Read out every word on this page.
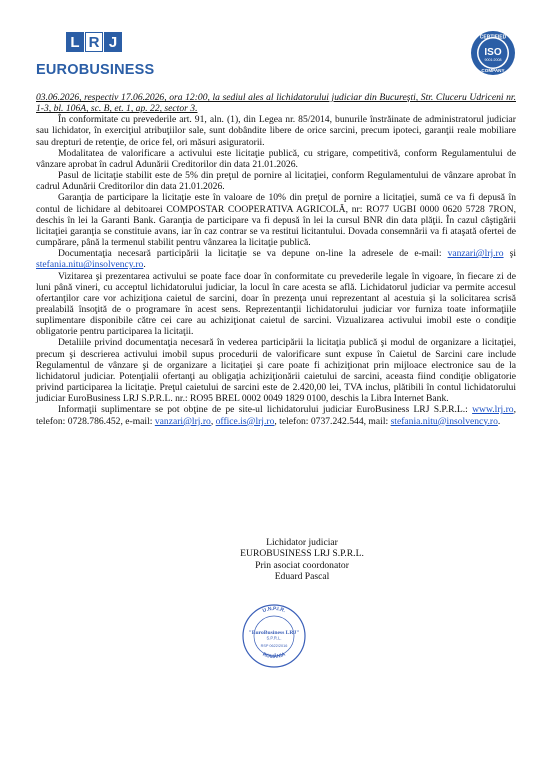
L R J
EUROBUSINESS
CERTIFIED
ISO
9001:2008
COMPANY

03.06.2026, respectiv 17.06.2026, ora 12:00, la sediul ales al lichidatorului judiciar din Bucureşti, Str. Cluceru Udriceni nr. 1-3, bl. 106A, sc. B, et. 1, ap. 22, sector 3.

În conformitate cu prevederile art. 91, aln. (1), din Legea nr. 85/2014, bunurile înstrăinate de administratorul judiciar sau lichidator, în exerciţiul atribuţiilor sale, sunt dobândite libere de orice sarcini, precum ipoteci, garanţii reale mobiliare sau drepturi de retenţie, de orice fel, ori măsuri asiguratorii.

Modalitatea de valorificare a activului este licitaţie publică, cu strigare, competitivă, conform Regulamentului de vânzare aprobat în cadrul Adunării Creditorilor din data 21.01.2026.

Pasul de licitaţie stabilit este de 5% din preţul de pornire al licitaţiei, conform Regulamentului de vânzare aprobat în cadrul Adunării Creditorilor din data 21.01.2026.

Garanţia de participare la licitaţie este în valoare de 10% din preţul de pornire a licitaţiei, sumă ce va fi depusă în contul de lichidare al debitoarei COMPOSTAR COOPERATIVA AGRICOLĂ, nr: RO77 UGBI 0000 0620 5728 7RON, deschis în lei la Garanti Bank. Garanţia de participare va fi depusă în lei la cursul BNR din data plăţii. În cazul câştigării licitaţiei garanţia se constituie avans, iar în caz contrar se va restitui licitantului. Dovada consemnării va fi ataşată ofertei de cumpărare, până la termenul stabilit pentru vânzarea la licitaţie publică.

Documentaţia necesară participării la licitaţie se va depune on-line la adresele de e-mail: vanzari@lrj.ro şi stefania.nitu@insolvency.ro.

Vizitarea şi prezentarea activului se poate face doar în conformitate cu prevederile legale în vigoare, în fiecare zi de luni până vineri, cu acceptul lichidatorului judiciar, la locul în care acesta se află. Lichidatorul judiciar va permite accesul ofertanţilor care vor achiziţiona caietul de sarcini, doar în prezenţa unui reprezentant al acestuia şi la solicitarea scrisă prealabilă însoţită de o programare în acest sens. Reprezentanţii lichidatorului judiciar vor furniza toate informaţiile suplimentare disponibile către cei care au achiziţionat caietul de sarcini. Vizualizarea activului imobil este o condiţie obligatorie pentru participarea la licitaţii.

Detaliile privind documentaţia necesară în vederea participării la licitaţia publică şi modul de organizare a licitaţiei, precum şi descrierea activului imobil supus procedurii de valorificare sunt expuse în Caietul de Sarcini care include Regulamentul de vânzare şi de organizare a licitaţiei şi care poate fi achiziţionat prin mijloace electronice sau de la lichidatorul judiciar. Potenţialii ofertanţi au obligaţia achiziţionării caietului de sarcini, aceasta fiind condiţie obligatorie privind participarea la licitaţie. Preţul caietului de sarcini este de 2.420,00 lei, TVA inclus, plătibili în contul lichidatorului judiciar EuroBusiness LRJ S.P.R.L. nr.: RO95 BREL 0002 0049 1829 0100, deschis la Libra Internet Bank.

Informaţii suplimentare se pot obţine de pe site-ul lichidatorului judiciar EuroBusiness LRJ S.P.R.L.: www.lrj.ro, telefon: 0728.786.452, e-mail: vanzari@lrj.ro, office.is@lrj.ro, telefon: 0737.242.544, mail: stefania.nitu@insolvency.ro.

Lichidator judiciar
EUROBUSINESS LRJ S.P.R.L.
Prin asociat coordonator
Eduard Pascal
U.N.P.I.R.
"EuroBusiness LRJ"
S.P.R.L.
RSP 0622/2016
ROMÂNIA
